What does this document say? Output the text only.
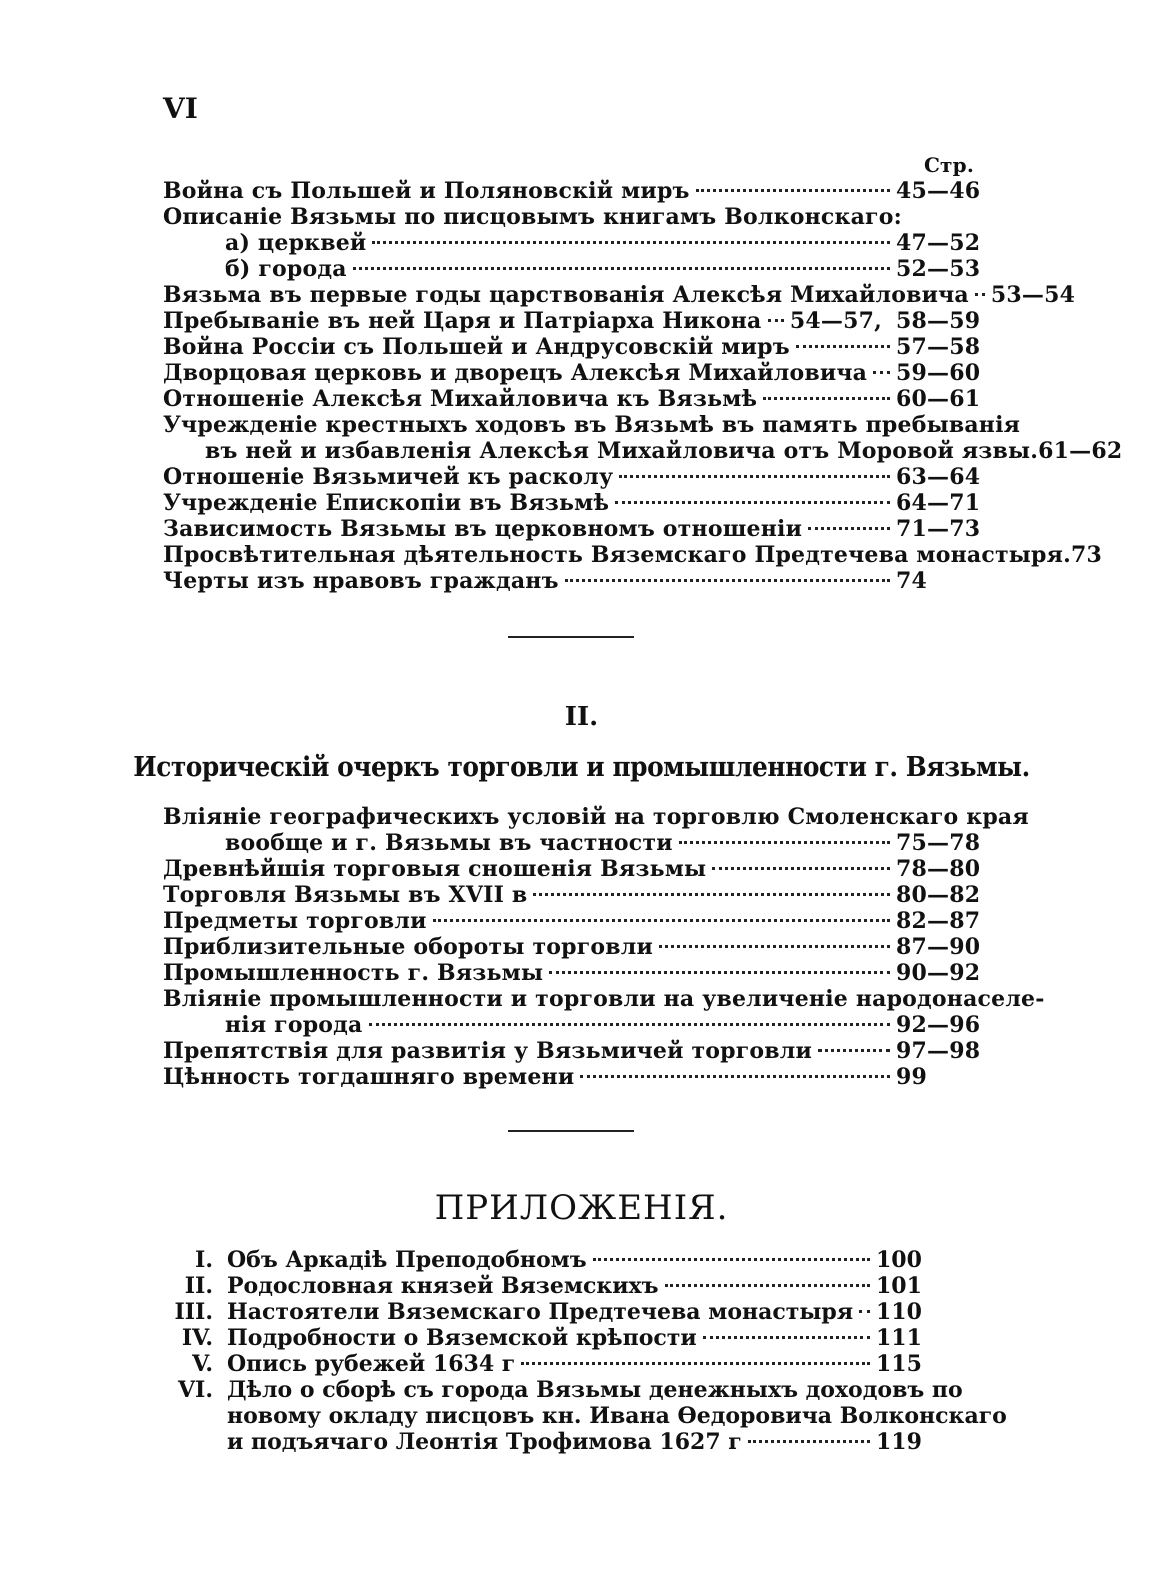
VI
Стр.
Война съ Польшей и Поляновскій миръ	45—46
Описаніе Вязьмы по писцовымъ книгамъ Волконскаго:
а) церквей	47—52
б) города	52—53
Вязьма въ первые годы царствованія Алексѣя Михайловича 53—54
Пребываніе въ ней Царя и Патріарха Никона 54—57, 58—59
Война Россіи съ Польшей и Андрусовскій миръ	57—58
Дворцовая церковь и дворецъ Алексѣя Михайловича 59—60
Отношеніе Алексѣя Михайловича къ Вязьмѣ	60—61
Учрежденіе крестныхъ ходовъ въ Вязьмѣ въ память пребыванія
въ ней и избавленія Алексѣя Михайловича отъ Моровой язвы. 61—62
Отношеніе Вязьмичей къ расколу	63—64
Учрежденіе Епископіи въ Вязьмѣ	64—71
Зависимость Вязьмы въ церковномъ отношеніи	71—73
Просвѣтительная дѣятельность Вяземскаго Предтечева монастыря. 73
Черты изъ нравовъ гражданъ	74
II.
Историческій очеркъ торговли и промышленности г. Вязьмы.
Вліяніе географическихъ условій на торговлю Смоленскаго края
вообще и г. Вязьмы въ частности	75—78
Древнѣйшія торговыя сношенія Вязьмы	78—80
Торговля Вязьмы въ XVII в	80—82
Предметы торговли	82—87
Приблизительные обороты торговли	87—90
Промышленность г. Вязьмы	90—92
Вліяніе промышленности и торговли на увеличеніе народонаселе-
нія города	92—96
Препятствія для развитія у Вязьмичей торговли	97—98
Цѣнность тогдашняго времени	99
ПРИЛОЖЕНІЯ.
I. Объ Аркадіѣ Преподобномъ	100
II. Родословная князей Вяземскихъ	101
III. Настоятели Вяземскаго Предтечева монастыря 110
IV. Подробности о Вяземской крѣпости	111
V. Опись рубежей 1634 г	115
VI. Дѣло о сборѣ съ города Вязьмы денежныхъ доходовъ по
новому окладу писцовъ кн. Ивана Ѳедоровича Волконскаго
и подъячаго Леонтія Трофимова 1627 г	119
